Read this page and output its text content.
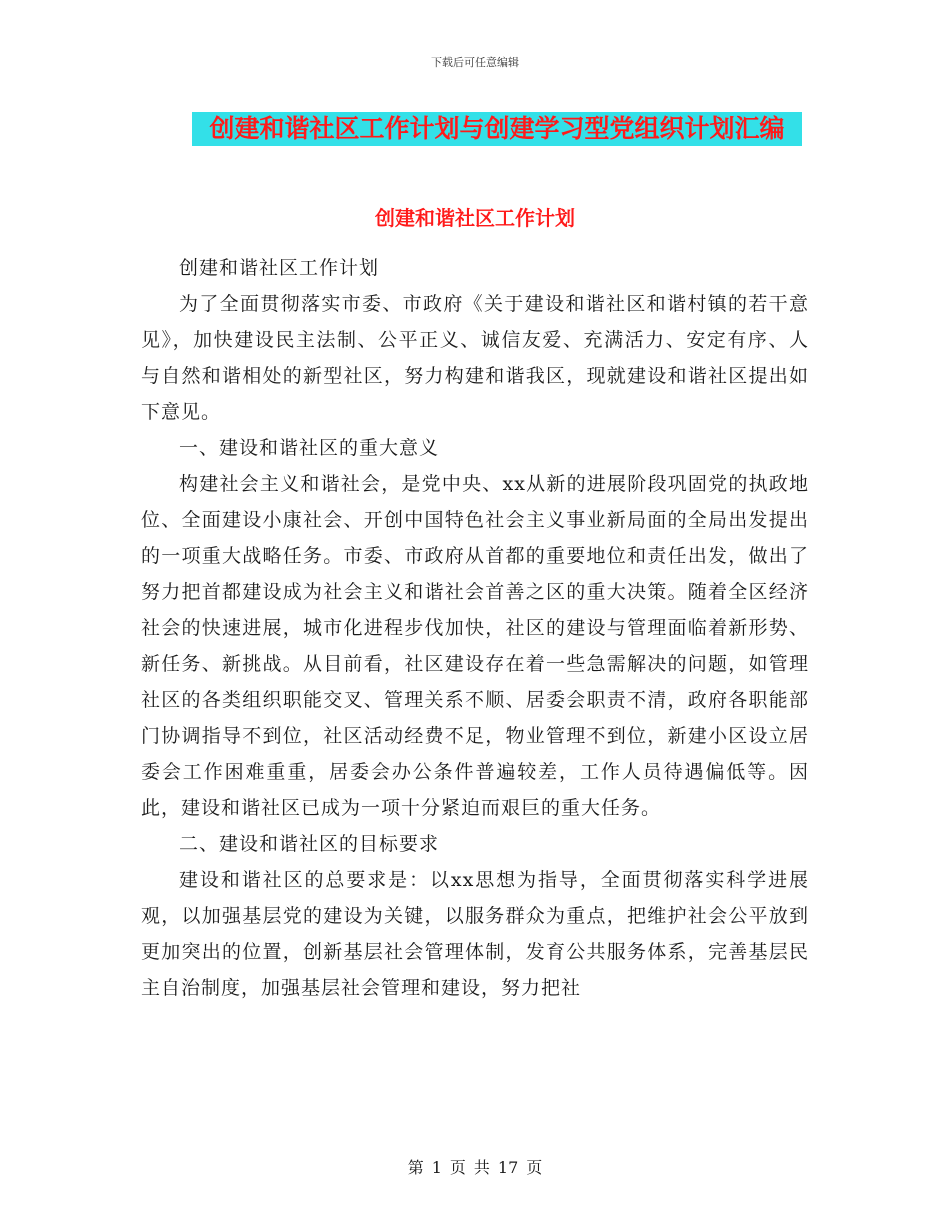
下载后可任意编辑
创建和谐社区工作计划与创建学习型党组织计划汇编
创建和谐社区工作计划

创建和谐社区工作计划

为了全面贯彻落实市委、市政府《关于建设和谐社区和谐村镇的若干意见》，加快建设民主法制、公平正义、诚信友爱、充满活力、安定有序、人与自然和谐相处的新型社区，努力构建和谐我区，现就建设和谐社区提出如下意见。

一、建设和谐社区的重大意义

构建社会主义和谐社会，是党中央、xx从新的进展阶段巩固党的执政地位、全面建设小康社会、开创中国特色社会主义事业新局面的全局出发提出的一项重大战略任务。市委、市政府从首都的重要地位和责任出发，做出了努力把首都建设成为社会主义和谐社会首善之区的重大决策。随着全区经济社会的快速进展，城市化进程步伐加快，社区的建设与管理面临着新形势、新任务、新挑战。从目前看，社区建设存在着一些急需解决的问题，如管理社区的各类组织职能交叉、管理关系不顺、居委会职责不清，政府各职能部门协调指导不到位，社区活动经费不足，物业管理不到位，新建小区设立居委会工作困难重重，居委会办公条件普遍较差，工作人员待遇偏低等。因此，建设和谐社区已成为一项十分紧迫而艰巨的重大任务。

二、建设和谐社区的目标要求

建设和谐社区的总要求是：以xx思想为指导，全面贯彻落实科学进展观，以加强基层党的建设为关键，以服务群众为重点，把维护社会公平放到更加突出的位置，创新基层社会管理体制，发育公共服务体系，完善基层民主自治制度，加强基层社会管理和建设，努力把社

第 1 页 共 17 页
